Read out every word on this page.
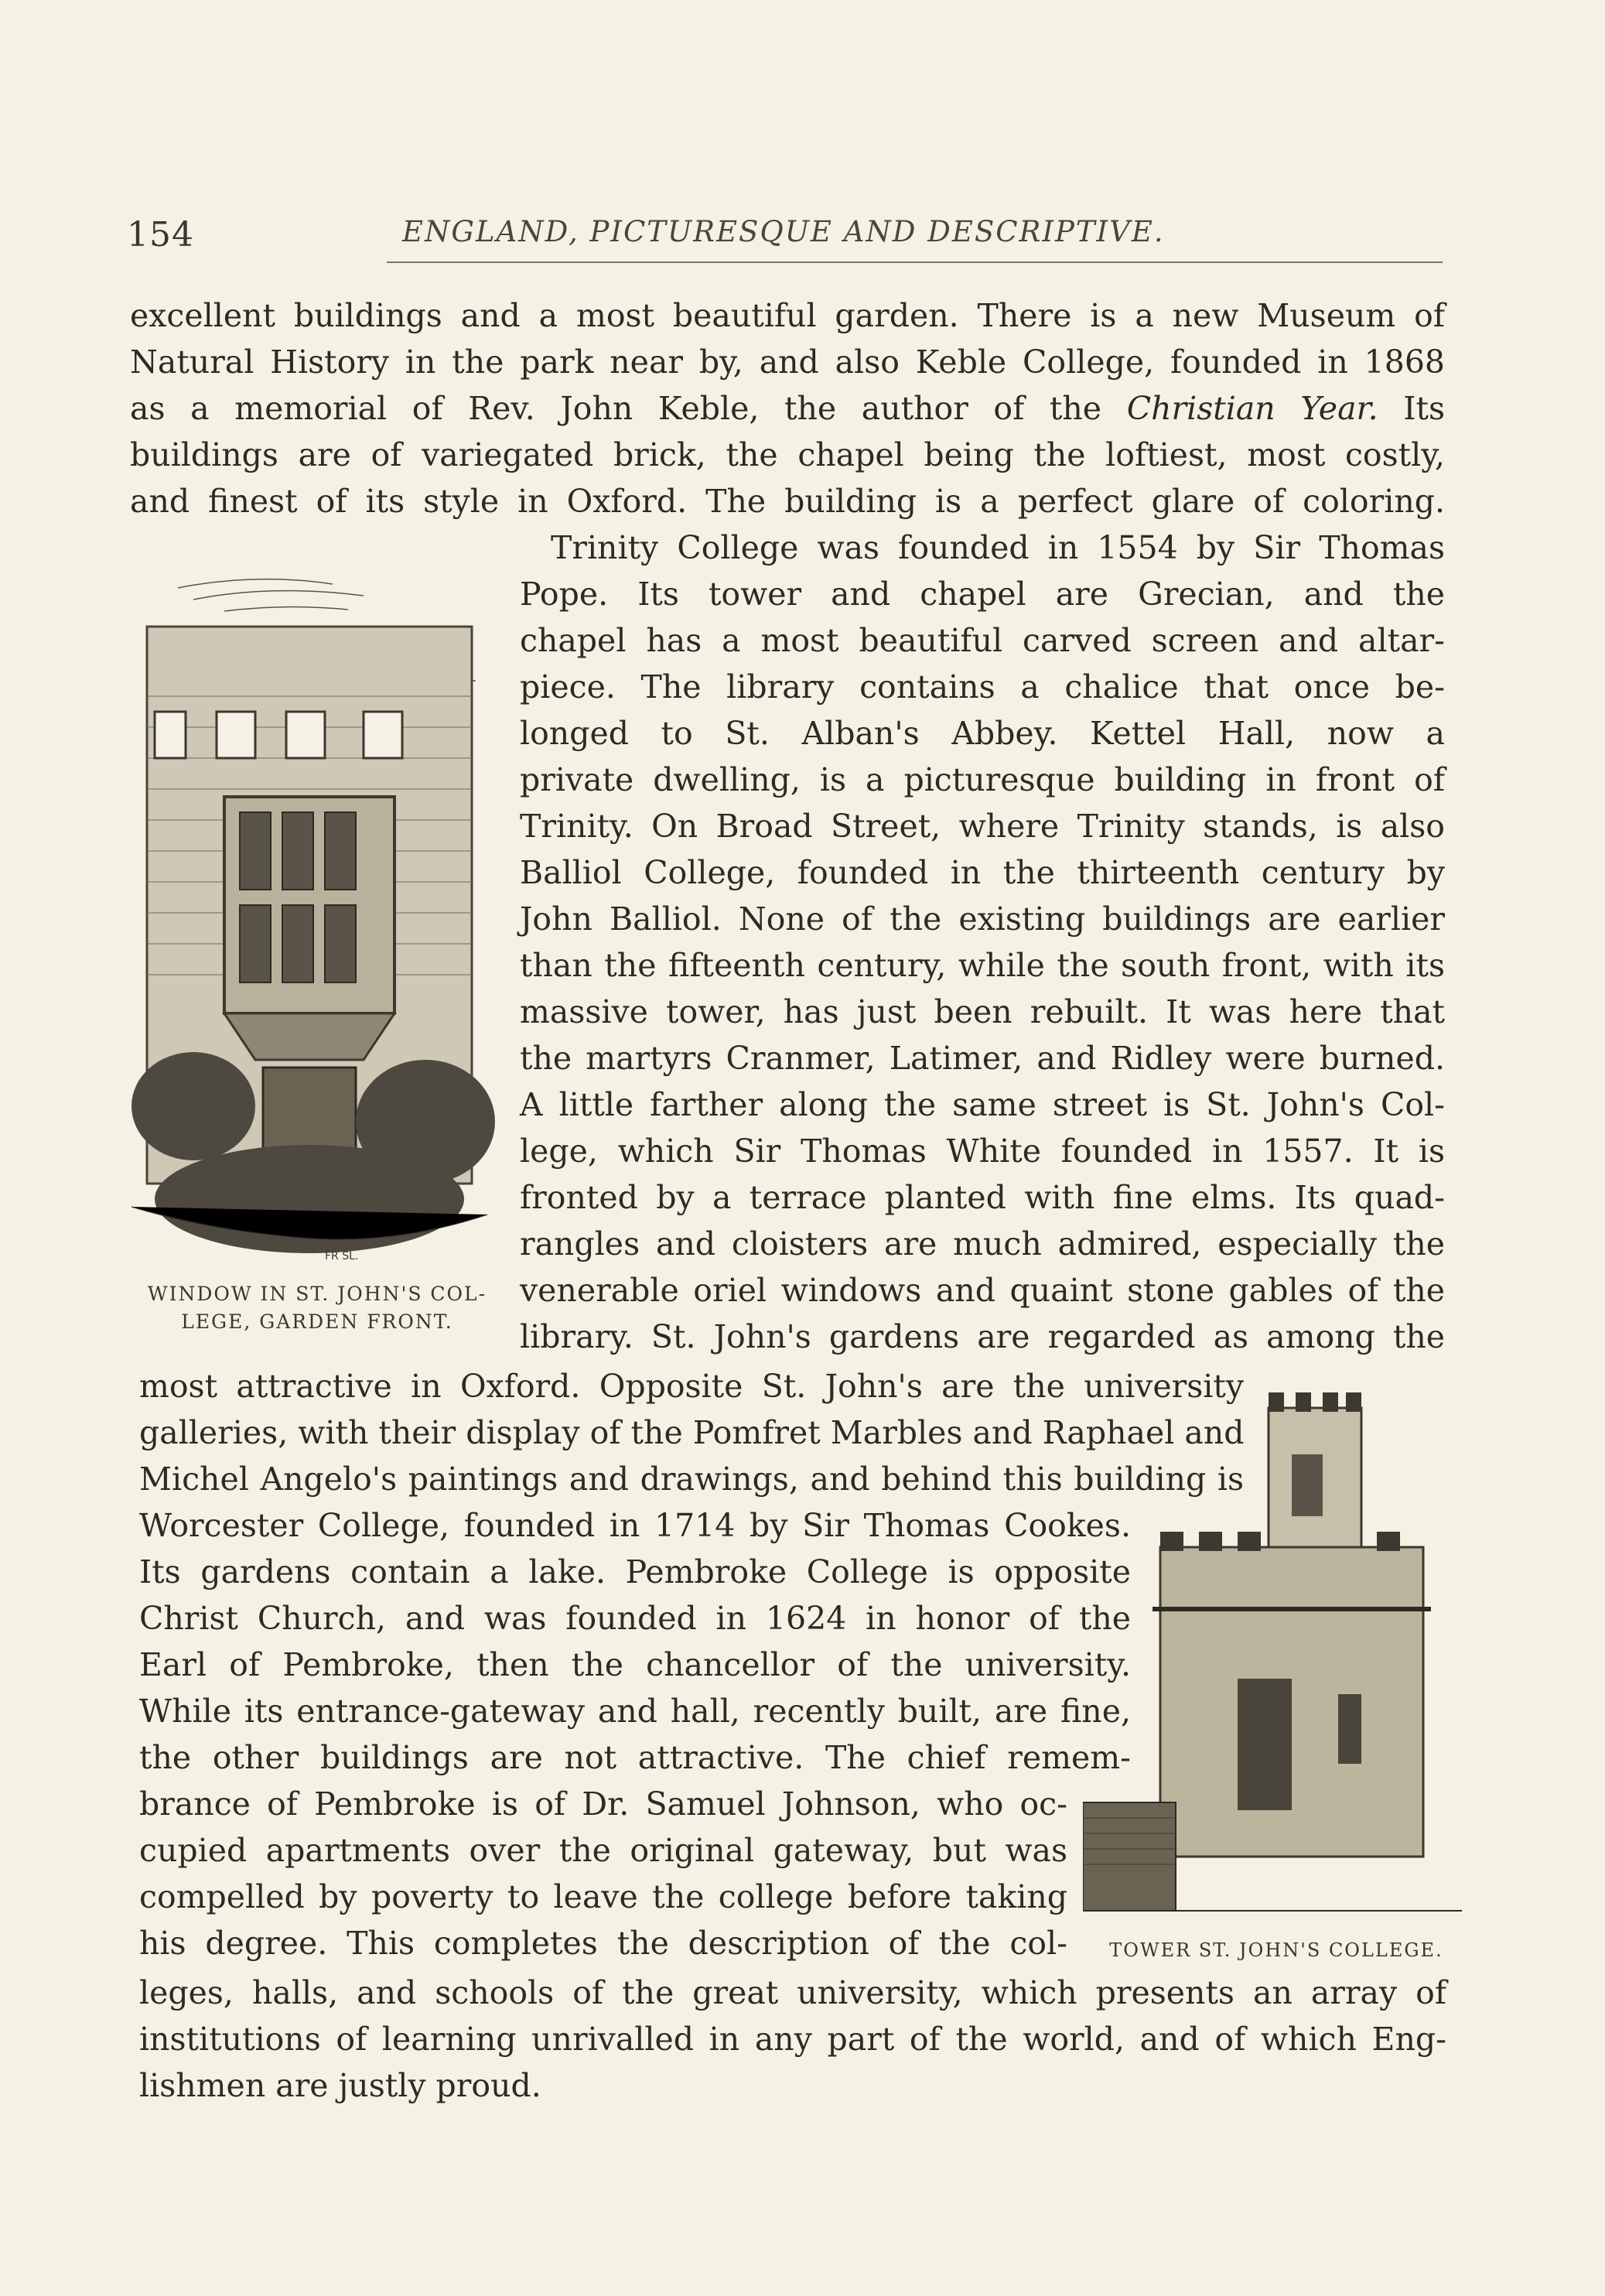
154	ENGLAND, PICTURESQUE AND DESCRIPTIVE.
excellent buildings and a most beautiful garden. There is a new Museum of
Natural History in the park near by, and also Keble College, founded in 1868
as a memorial of Rev. John Keble, the author of the Christian Year. Its
buildings are of variegated brick, the chapel being the loftiest, most costly,
and finest of its style in Oxford. The building is a perfect glare of coloring.
Trinity College was founded in 1554 by Sir Thomas
Pope. Its tower and chapel are Grecian, and the
chapel has a most beautiful carved screen and altar-
piece. The library contains a chalice that once be-
longed to St. Alban's Abbey. Kettel Hall, now a
private dwelling, is a picturesque building in front of
Trinity. On Broad Street, where Trinity stands, is also
Balliol College, founded in the thirteenth century by
John Balliol. None of the existing buildings are earlier
than the fifteenth century, while the south front, with its
massive tower, has just been rebuilt. It was here that
the martyrs Cranmer, Latimer, and Ridley were burned.
A little farther along the same street is St. John's Col-
lege, which Sir Thomas White founded in 1557. It is
fronted by a terrace planted with fine elms. Its quad-
rangles and cloisters are much admired, especially the
venerable oriel windows and quaint stone gables of the
library. St. John's gardens are regarded as among the
most attractive in Oxford. Opposite St. John's are the university
galleries, with their display of the Pomfret Marbles and Raphael and
Michel Angelo's paintings and drawings, and behind this building is
Worcester College, founded in 1714 by Sir Thomas Cookes.
Its gardens contain a lake. Pembroke College is opposite
Christ Church, and was founded in 1624 in honor of the
Earl of Pembroke, then the chancellor of the university.
While its entrance-gateway and hall, recently built, are fine,
the other buildings are not attractive. The chief remem-
brance of Pembroke is of Dr. Samuel Johnson, who oc-
cupied apartments over the original gateway, but was
compelled by poverty to leave the college before taking
his degree. This completes the description of the col-
leges, halls, and schools of the great university, which presents an array of
institutions of learning unrivalled in any part of the world, and of which Eng-
lishmen are justly proud.
FR SL.
WINDOW IN ST. JOHN'S COL-
LEGE, GARDEN FRONT.
TOWER ST. JOHN'S COLLEGE.
